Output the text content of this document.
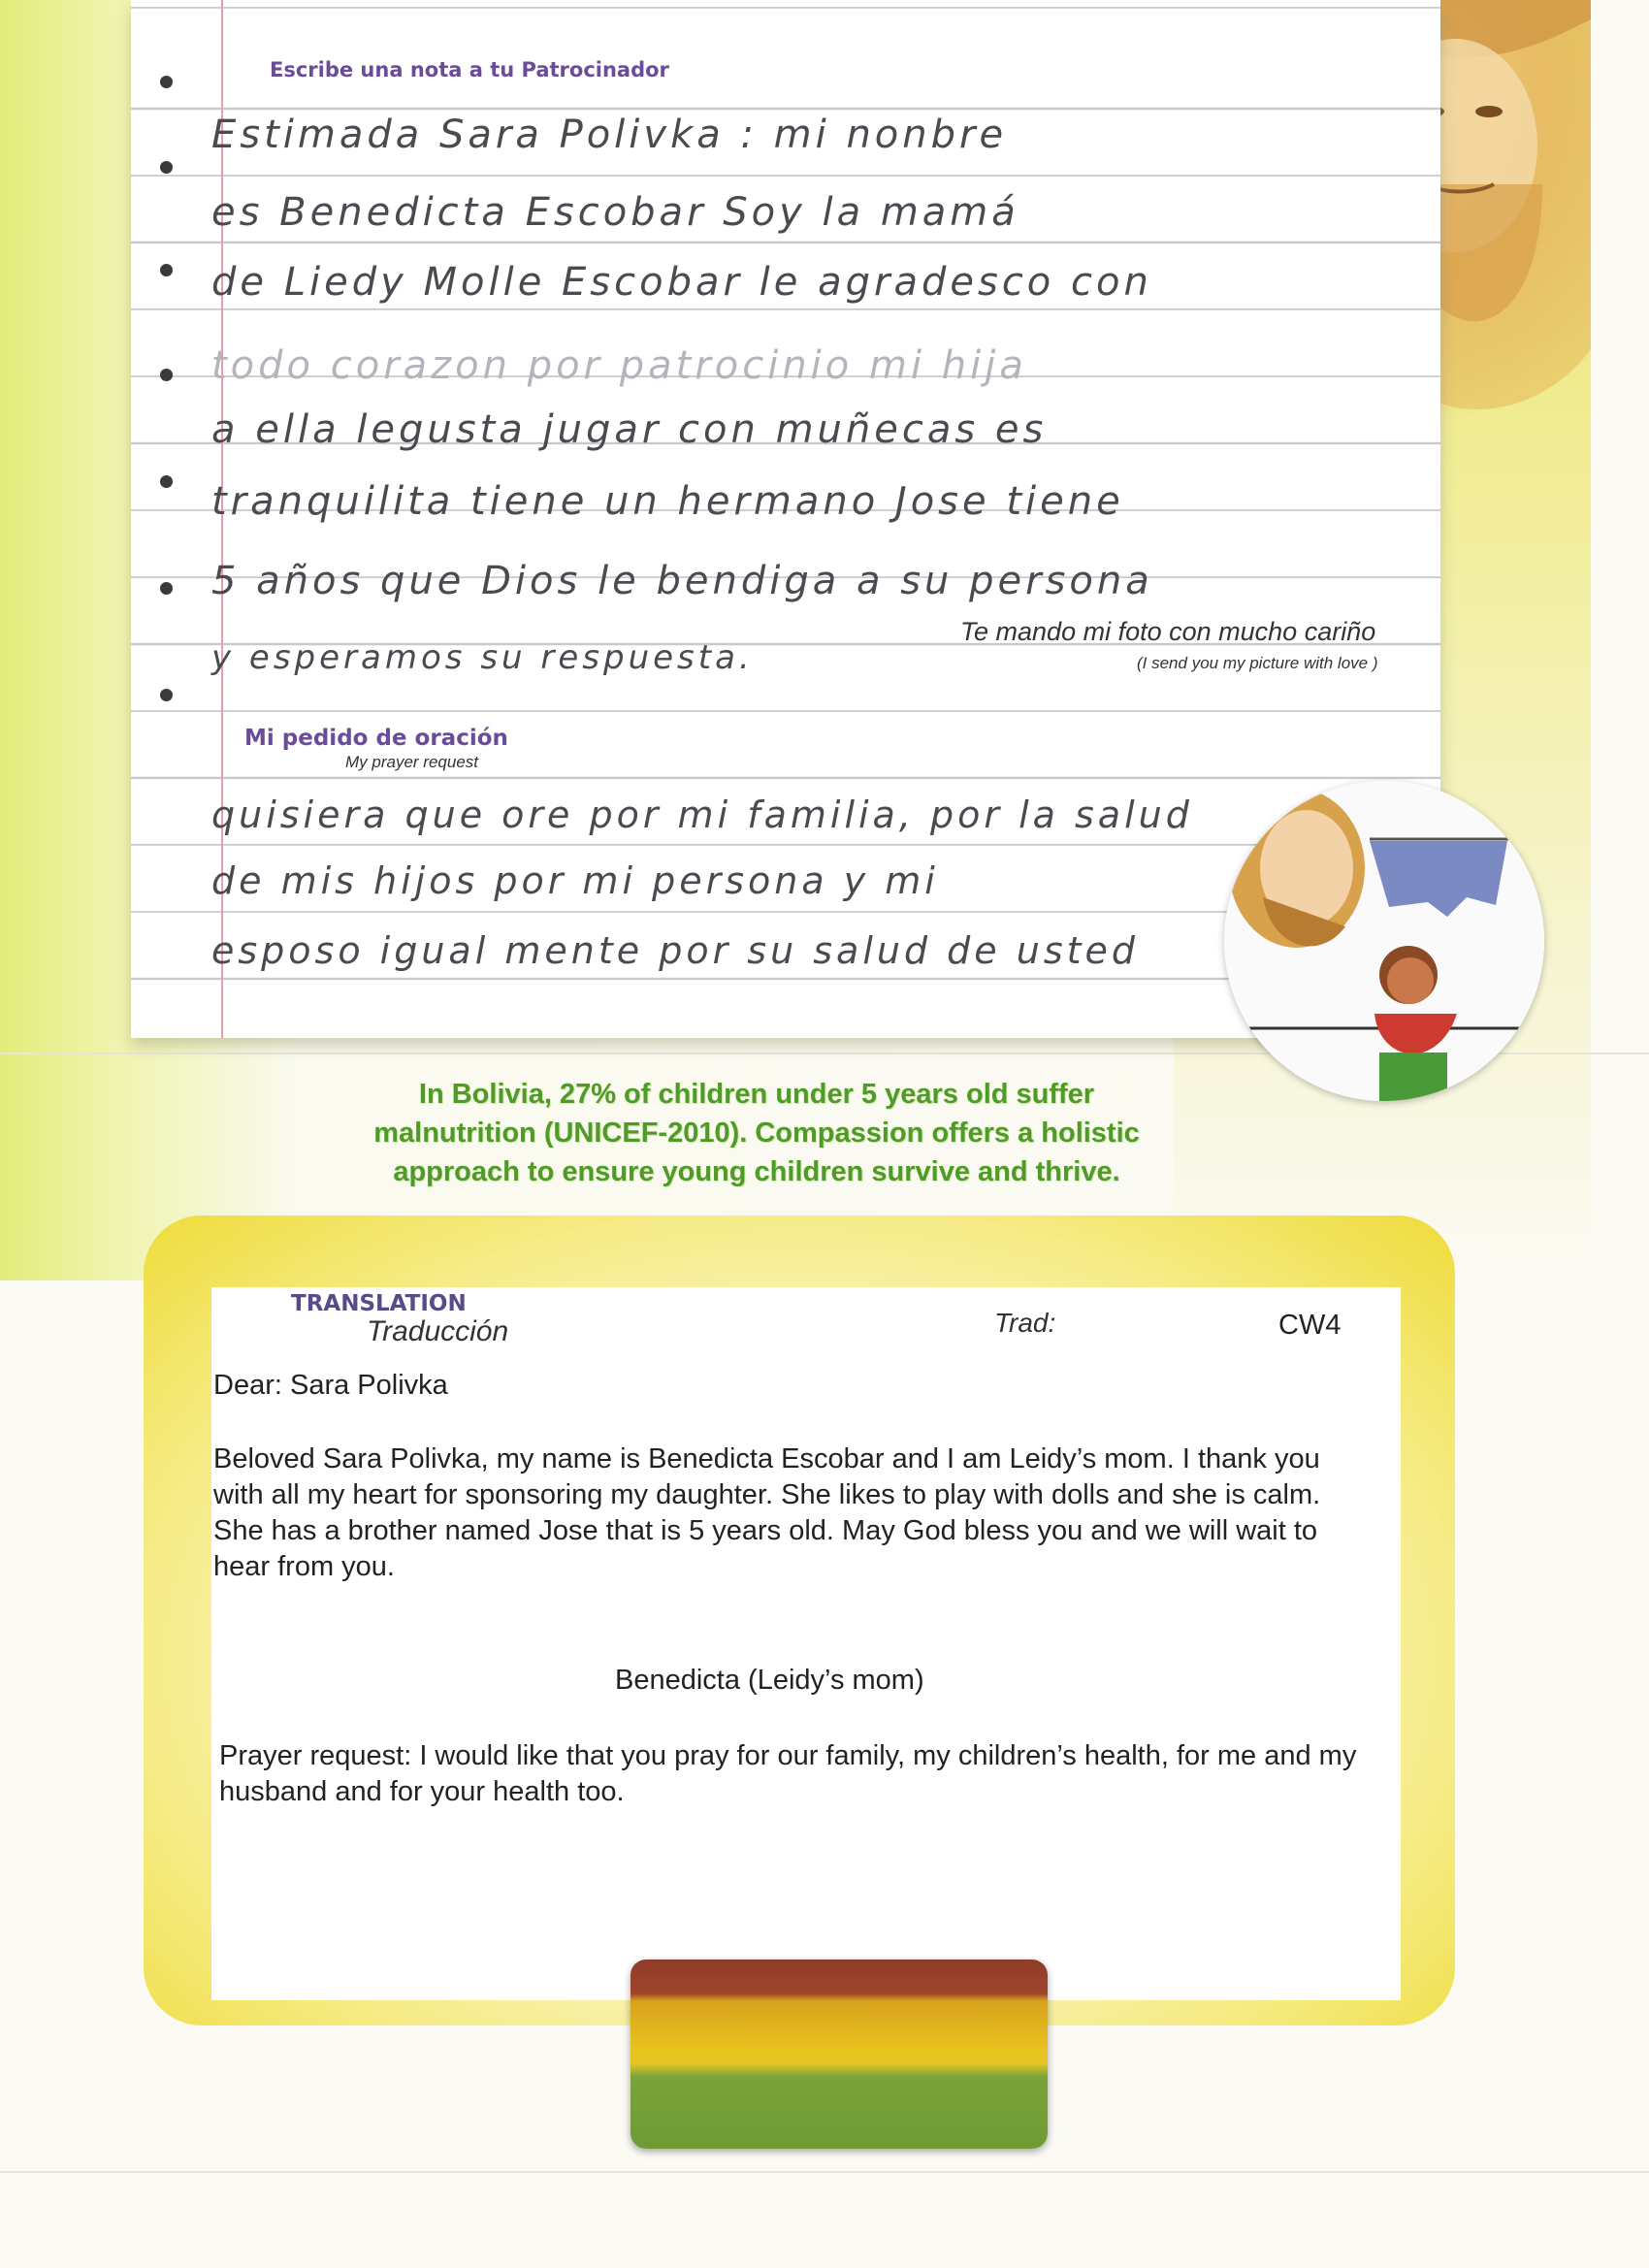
Escribe una nota a tu Patrocinador
Estimada Sara Polivka : mi nonbre
es Benedicta Escobar Soy la mamá
de Liedy Molle Escobar le agradesco con
todo corazon por patrocinio mi hija
a ella legusta jugar con muñecas es
tranquilita tiene un hermano Jose tiene
5 años que Dios le bendiga a su persona
y esperamos su respuesta.
Te mando mi foto con mucho cariño
(I send you my picture with love )
Mi pedido de oración
My prayer request
quisiera que ore por mi familia, por la salud
de mis hijos por mi persona y mi
esposo igual mente por su salud de usted
In Bolivia, 27% of children under 5 years old suffer
malnutrition (UNICEF-2010). Compassion offers a holistic
approach to ensure young children survive and thrive.
TRANSLATION
Traducción	Trad:	CW4
Dear: Sara Polivka
Beloved Sara Polivka, my name is Benedicta Escobar and I am Leidy’s mom. I thank you with all my heart for sponsoring my daughter. She likes to play with dolls and she is calm. She has a brother named Jose that is 5 years old. May God bless you and we will wait to hear from you.
Benedicta (Leidy’s mom)
Prayer request: I would like that you pray for our family, my children’s health, for me and my husband and for your health too.
